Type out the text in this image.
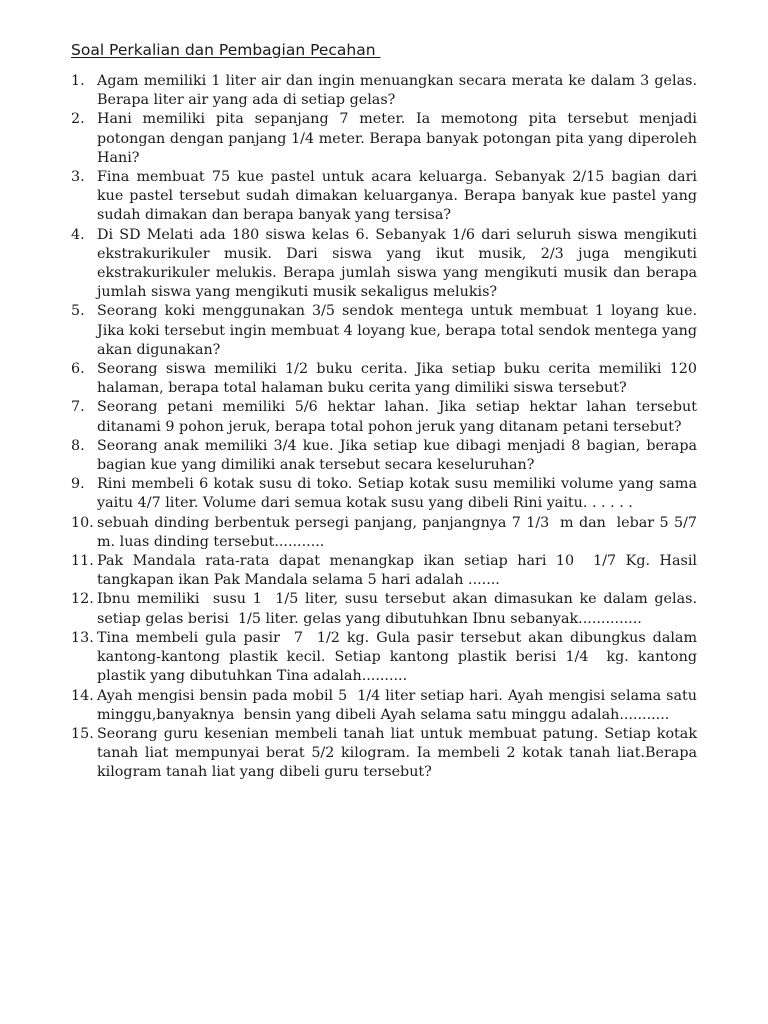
Soal Perkalian dan Pembagian Pecahan
1. Agam memiliki 1 liter air dan ingin menuangkan secara merata ke dalam 3 gelas. Berapa liter air yang ada di setiap gelas?
2. Hani memiliki pita sepanjang 7 meter. Ia memotong pita tersebut menjadi potongan dengan panjang 1/4 meter. Berapa banyak potongan pita yang diperoleh Hani?
3. Fina membuat 75 kue pastel untuk acara keluarga. Sebanyak 2/15 bagian dari kue pastel tersebut sudah dimakan keluarganya. Berapa banyak kue pastel yang sudah dimakan dan berapa banyak yang tersisa?
4. Di SD Melati ada 180 siswa kelas 6. Sebanyak 1/6 dari seluruh siswa mengikuti ekstrakurikuler musik. Dari siswa yang ikut musik, 2/3 juga mengikuti ekstrakurikuler melukis. Berapa jumlah siswa yang mengikuti musik dan berapa jumlah siswa yang mengikuti musik sekaligus melukis?
5. Seorang koki menggunakan 3/5 sendok mentega untuk membuat 1 loyang kue. Jika koki tersebut ingin membuat 4 loyang kue, berapa total sendok mentega yang akan digunakan?
6. Seorang siswa memiliki 1/2 buku cerita. Jika setiap buku cerita memiliki 120 halaman, berapa total halaman buku cerita yang dimiliki siswa tersebut?
7. Seorang petani memiliki 5/6 hektar lahan. Jika setiap hektar lahan tersebut ditanami 9 pohon jeruk, berapa total pohon jeruk yang ditanam petani tersebut?
8. Seorang anak memiliki 3/4 kue. Jika setiap kue dibagi menjadi 8 bagian, berapa bagian kue yang dimiliki anak tersebut secara keseluruhan?
9. Rini membeli 6 kotak susu di toko. Setiap kotak susu memiliki volume yang sama yaitu 4/7 liter. Volume dari semua kotak susu yang dibeli Rini yaitu. . . . . .
10. sebuah dinding berbentuk persegi panjang, panjangnya 7 1/3  m dan  lebar 5 5/7 m. luas dinding tersebut...........
11. Pak Mandala rata-rata dapat menangkap ikan setiap hari 10  1/7 Kg. Hasil tangkapan ikan Pak Mandala selama 5 hari adalah .......
12. Ibnu memiliki  susu 1  1/5 liter, susu tersebut akan dimasukan ke dalam gelas. setiap gelas berisi  1/5 liter. gelas yang dibutuhkan Ibnu sebanyak..............
13. Tina membeli gula pasir  7  1/2 kg. Gula pasir tersebut akan dibungkus dalam kantong-kantong plastik kecil. Setiap kantong plastik berisi 1/4  kg. kantong plastik yang dibutuhkan Tina adalah..........
14. Ayah mengisi bensin pada mobil 5  1/4 liter setiap hari. Ayah mengisi selama satu minggu,banyaknya  bensin yang dibeli Ayah selama satu minggu adalah...........
15. Seorang guru kesenian membeli tanah liat untuk membuat patung. Setiap kotak tanah liat mempunyai berat 5/2 kilogram. Ia membeli 2 kotak tanah liat.Berapa kilogram tanah liat yang dibeli guru tersebut?
